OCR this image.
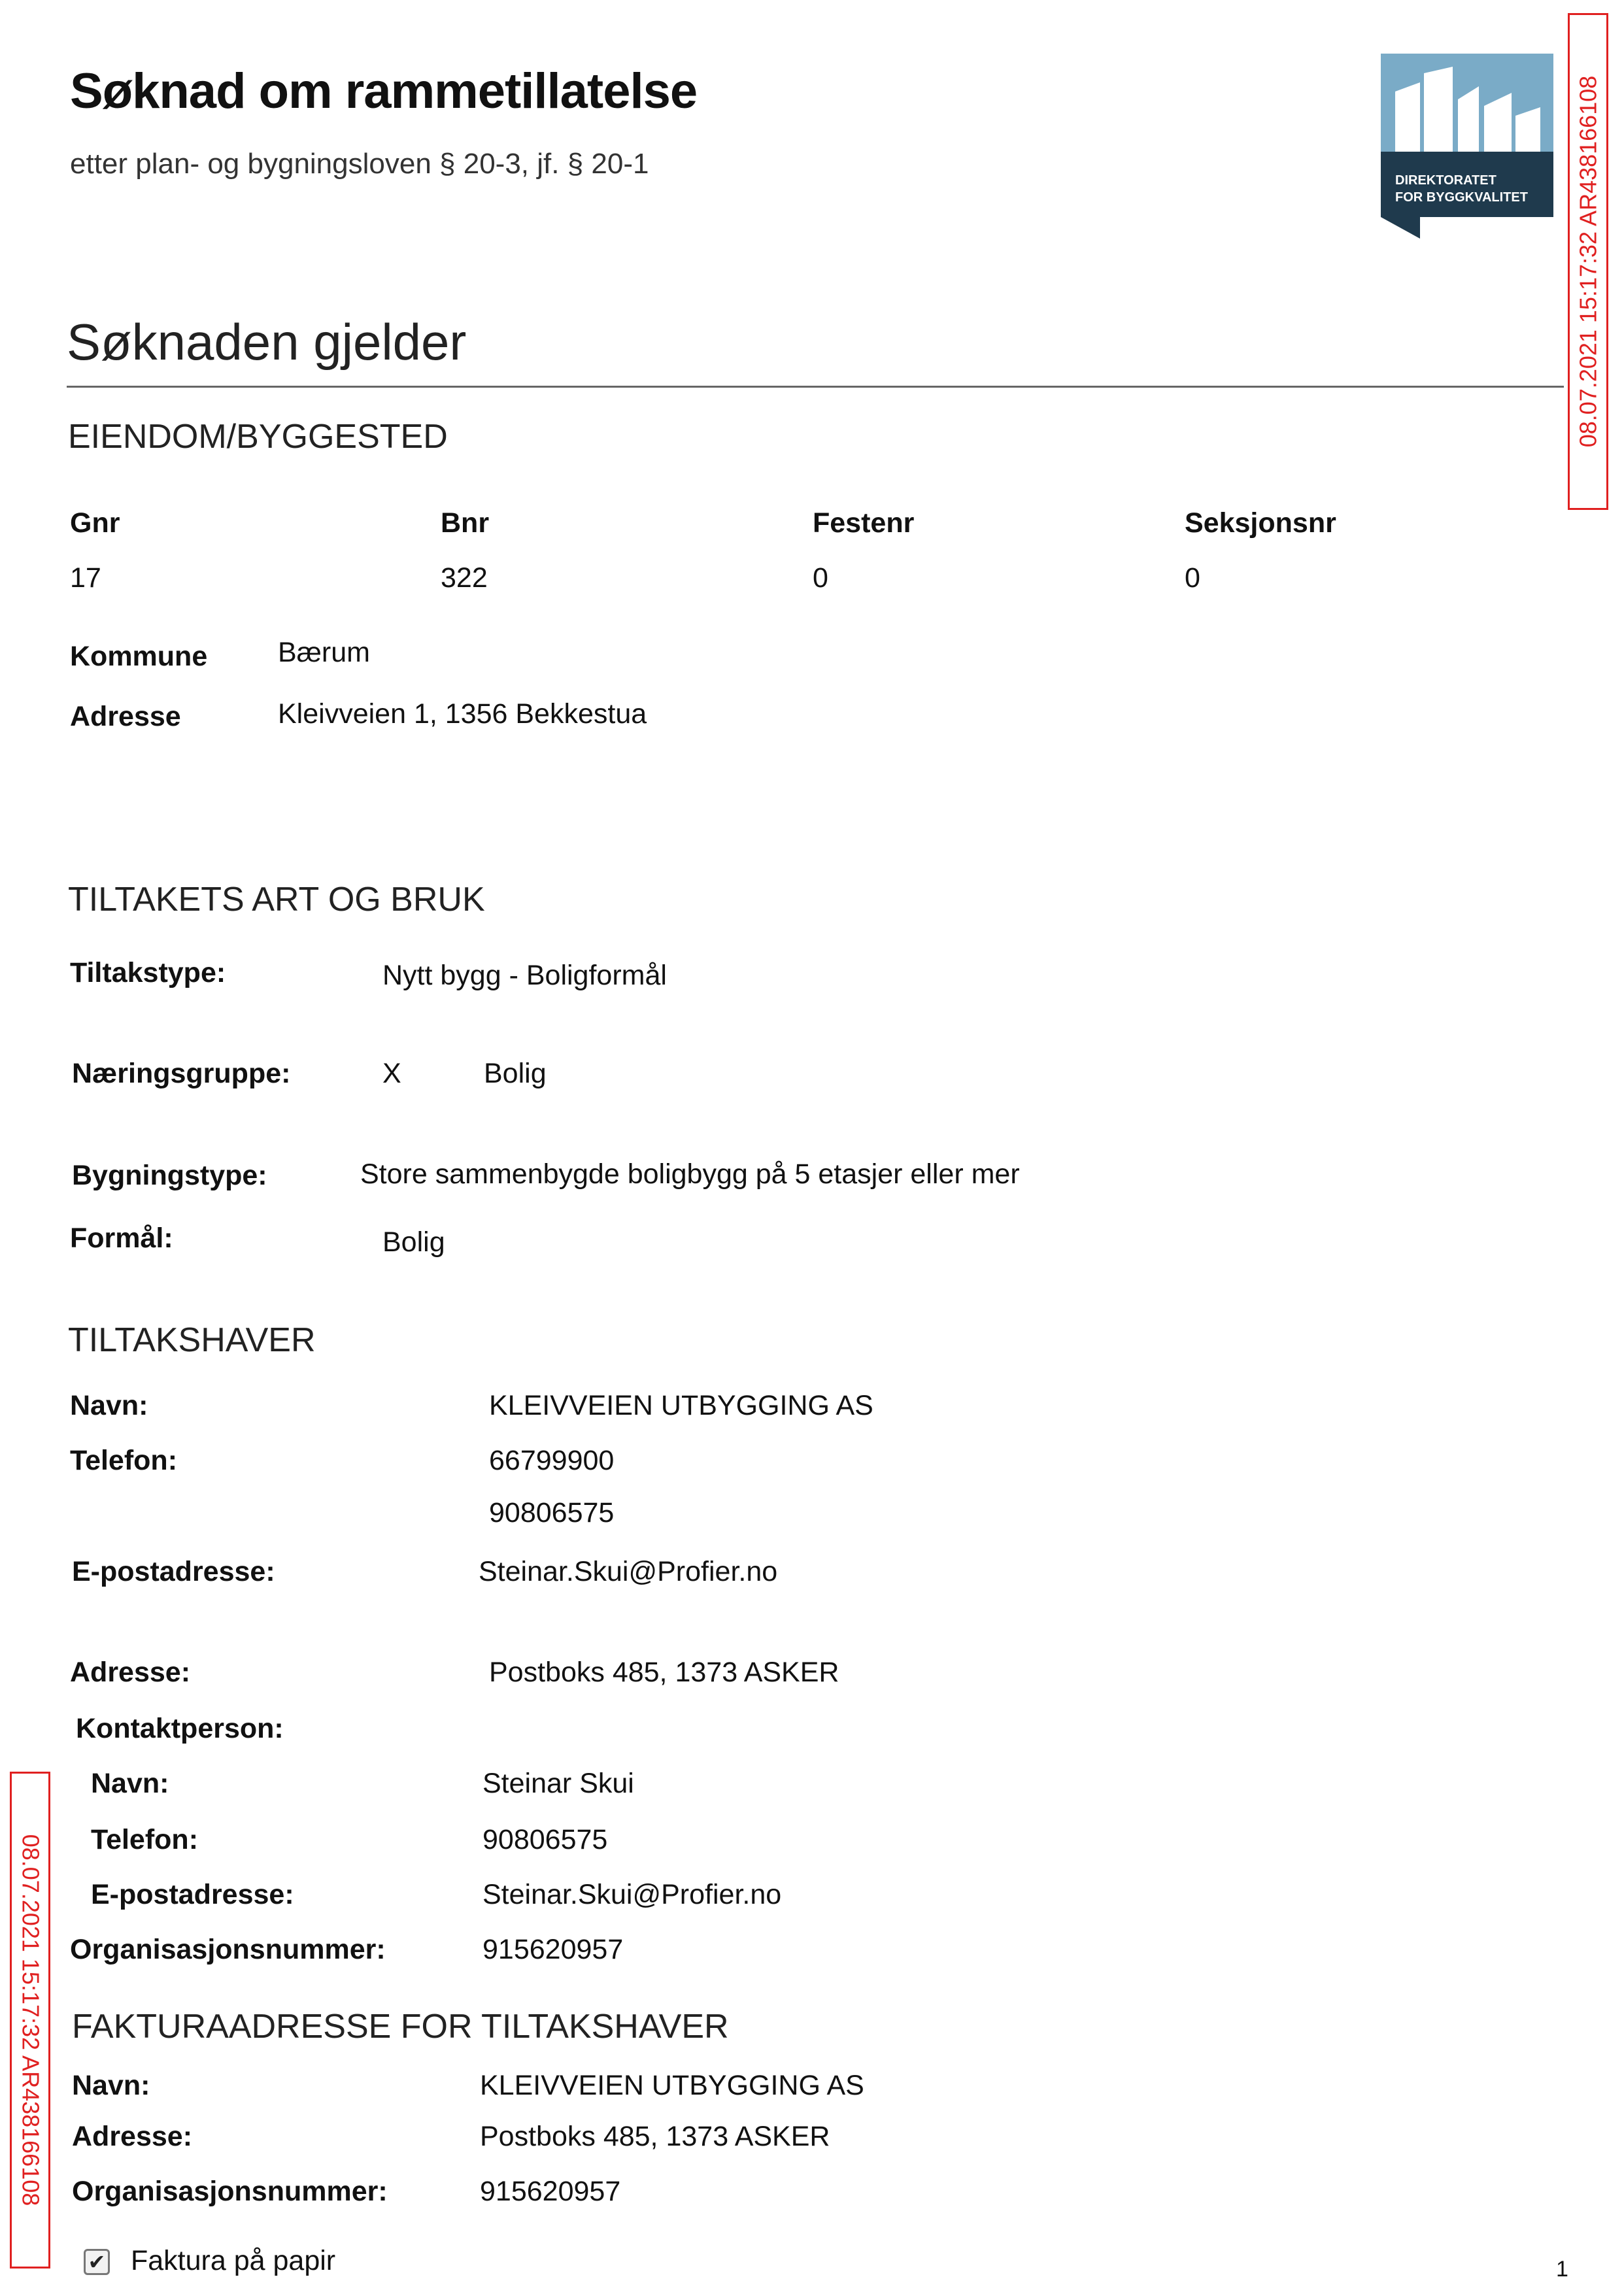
Søknad om rammetillatelse
etter plan- og bygningsloven § 20-3, jf. § 20-1
DIREKTORATET
FOR BYGGKVALITET 08.07.2021 15:17:32 AR438166108
08.07.2021 15:17:32 AR438166108
Søknaden gjelder
EIENDOM/BYGGESTED
Gnr	Bnr	Festenr	Seksjonsnr
17	322	0	0
Kommune	Bærum
Adresse	Kleivveien 1, 1356 Bekkestua
TILTAKETS ART OG BRUK
Tiltakstype:	Nytt bygg - Boligformål
Næringsgruppe:	X	Bolig
Bygningstype:	Store sammenbygde boligbygg på 5 etasjer eller mer
Formål:	Bolig
TILTAKSHAVER
Navn:	KLEIVVEIEN UTBYGGING AS
Telefon:	66799900
90806575
E-postadresse:	Steinar.Skui@Profier.no
Adresse:	Postboks 485, 1373 ASKER
Kontaktperson:
Navn:	Steinar Skui
Telefon:	90806575
E-postadresse:	Steinar.Skui@Profier.no
Organisasjonsnummer:	915620957
FAKTURAADRESSE FOR TILTAKSHAVER
Navn:	KLEIVVEIEN UTBYGGING AS
Adresse:	Postboks 485, 1373 ASKER
Organisasjonsnummer:	915620957
✔ Faktura på papir	1
